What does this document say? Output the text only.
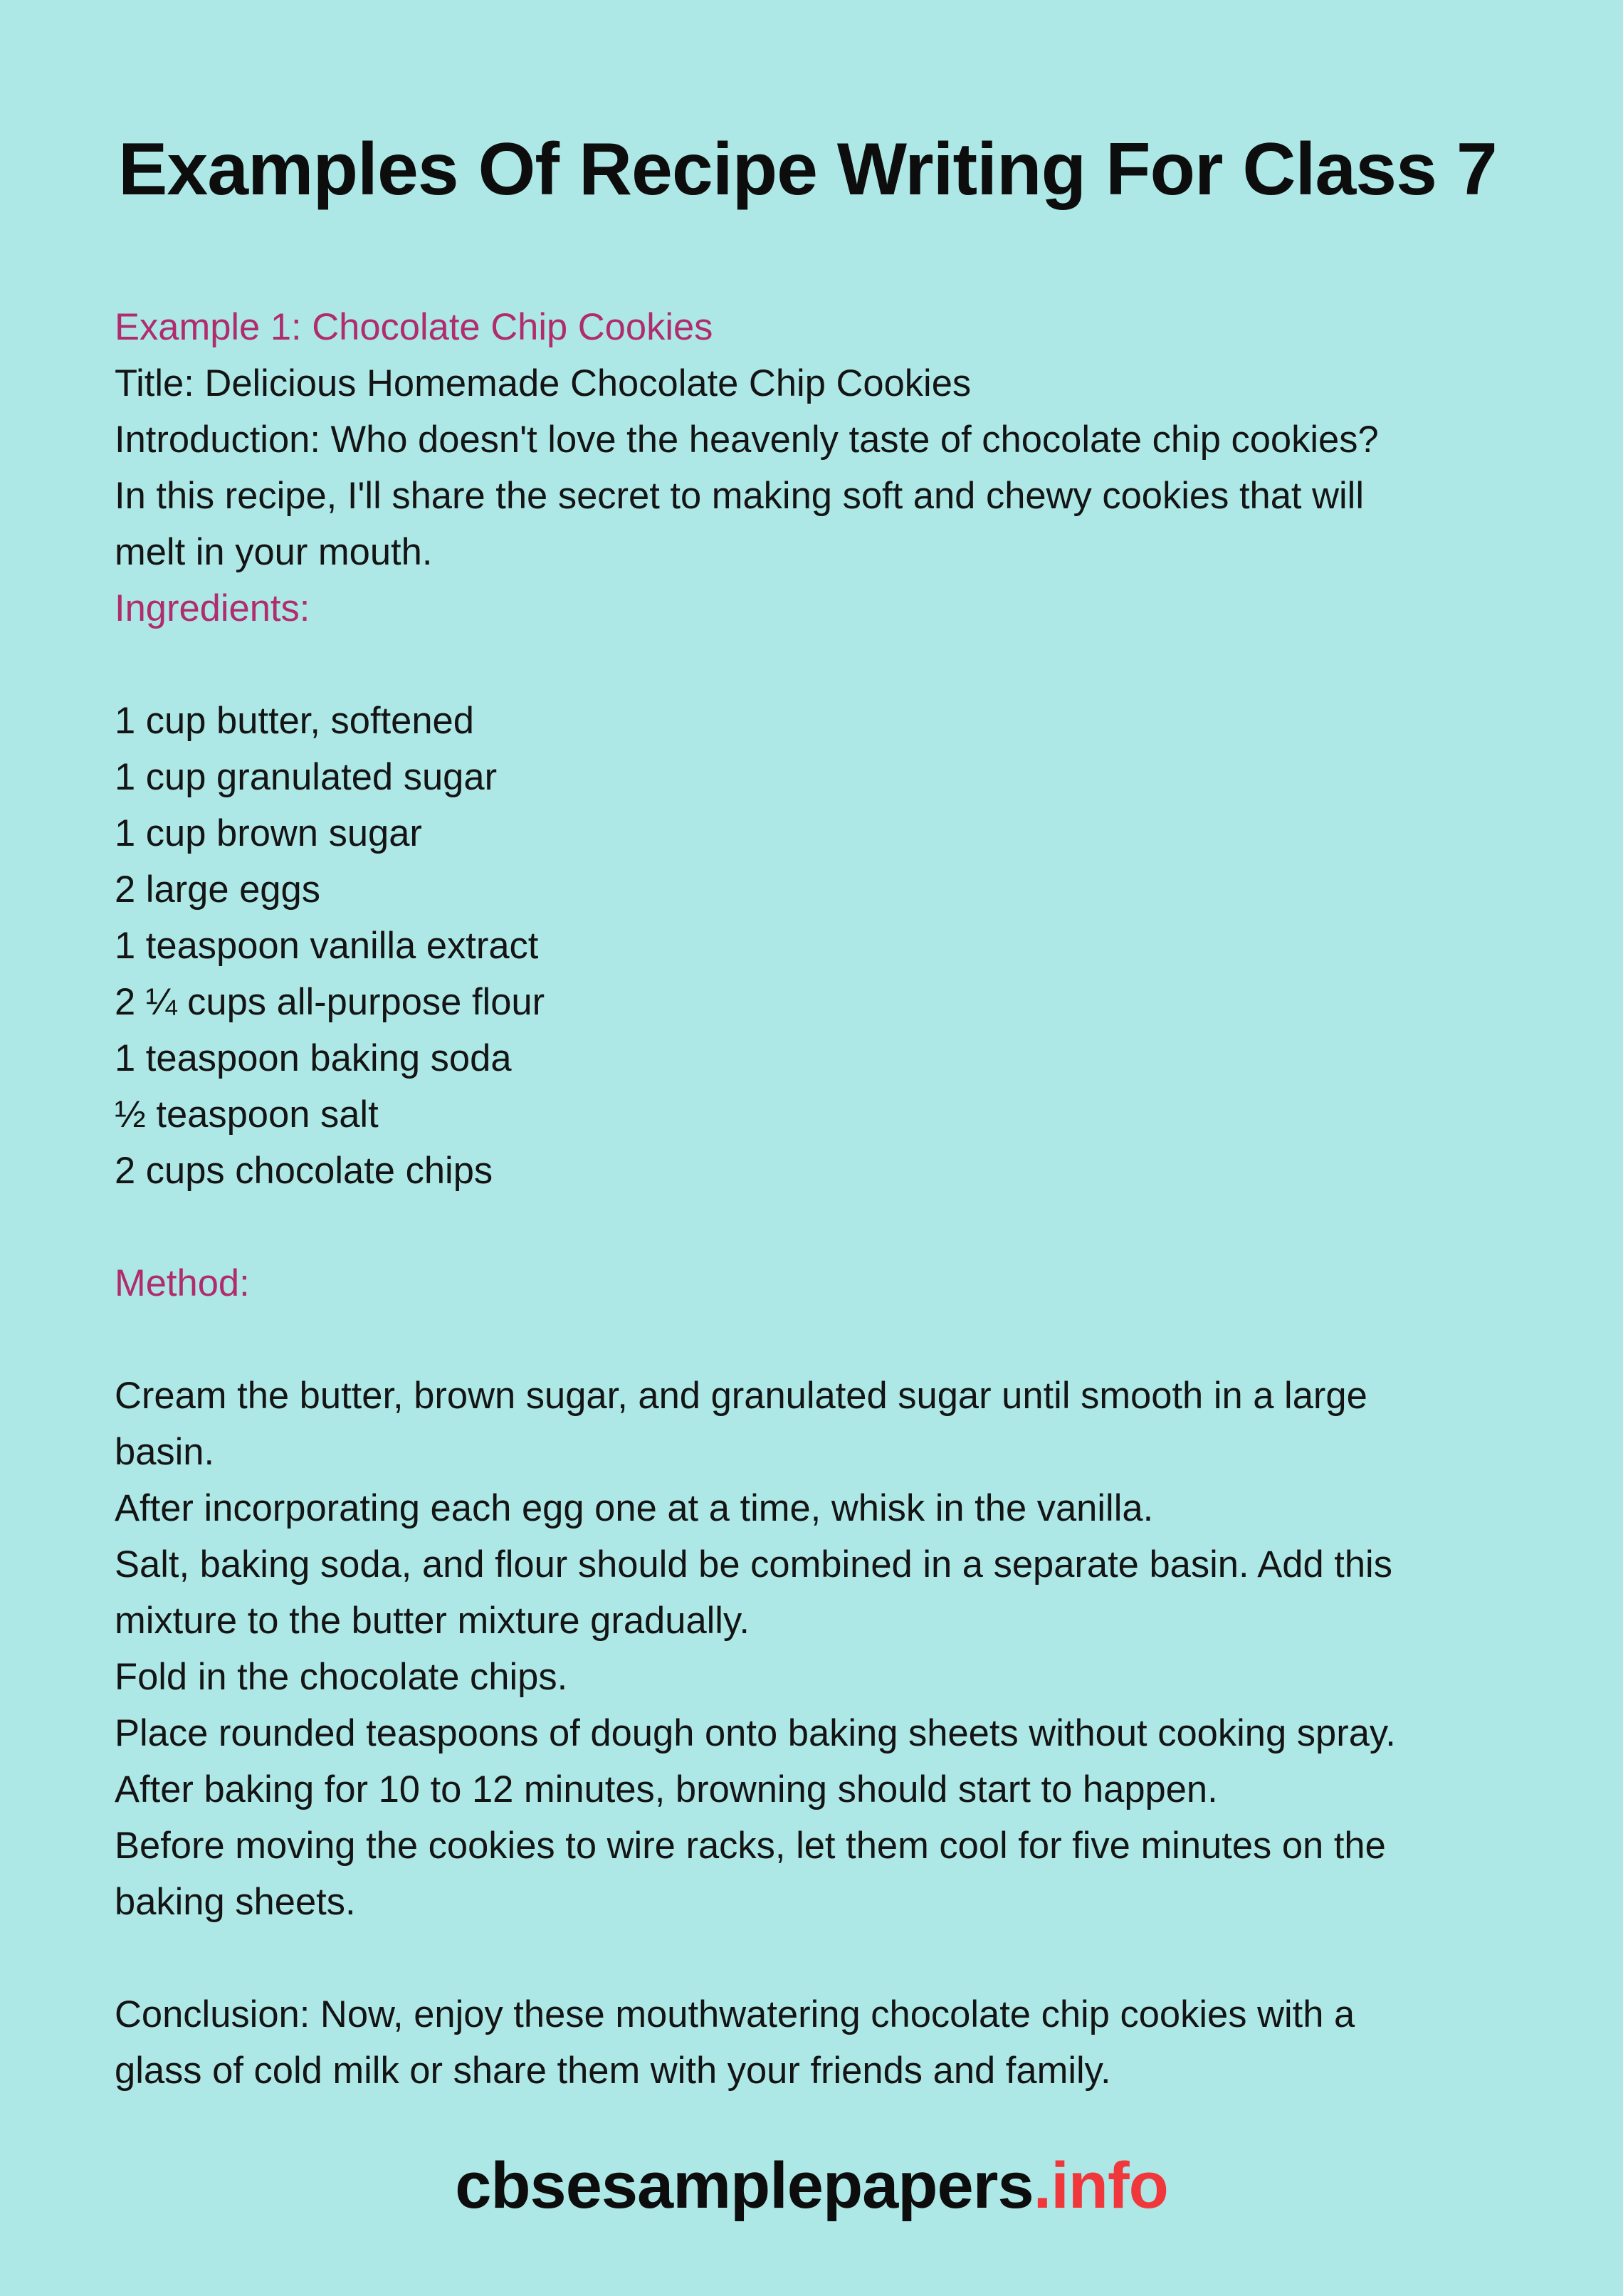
Examples Of Recipe Writing For Class 7
Example 1: Chocolate Chip Cookies
Title: Delicious Homemade Chocolate Chip Cookies
Introduction: Who doesn't love the heavenly taste of chocolate chip cookies?
In this recipe, I'll share the secret to making soft and chewy cookies that will
melt in your mouth.
Ingredients:
1 cup butter, softened
1 cup granulated sugar
1 cup brown sugar
2 large eggs
1 teaspoon vanilla extract
2 ¼ cups all-purpose flour
1 teaspoon baking soda
½ teaspoon salt
2 cups chocolate chips
Method:
Cream the butter, brown sugar, and granulated sugar until smooth in a large
basin.
After incorporating each egg one at a time, whisk in the vanilla.
Salt, baking soda, and flour should be combined in a separate basin. Add this
mixture to the butter mixture gradually.
Fold in the chocolate chips.
Place rounded teaspoons of dough onto baking sheets without cooking spray.
After baking for 10 to 12 minutes, browning should start to happen.
Before moving the cookies to wire racks, let them cool for five minutes on the
baking sheets.
Conclusion: Now, enjoy these mouthwatering chocolate chip cookies with a
glass of cold milk or share them with your friends and family.
cbsesamplepapers.info
